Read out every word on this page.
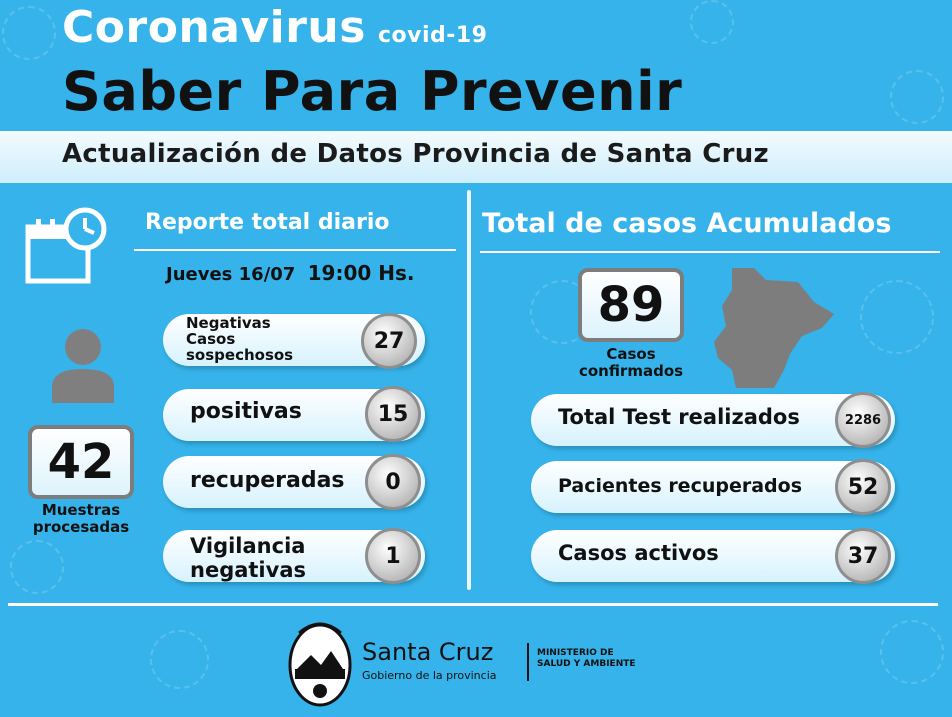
Coronavirus covid-19
Saber Para Prevenir
Actualización de Datos Provincia de Santa Cruz
Reporte total diario
Jueves 16/07 19:00 Hs.
42
Muestras
procesadas
Negativas
Casos
sospechosos
27
positivas	15
recuperadas	0
Vigilancia
negativas
1
Total de casos Acumulados
89
Casos
confirmados
Total Test realizados	2286
Pacientes recuperados	52
Casos activos	37
Santa Cruz
Gobierno de la provincia
MINISTERIO DE
SALUD Y AMBIENTE
